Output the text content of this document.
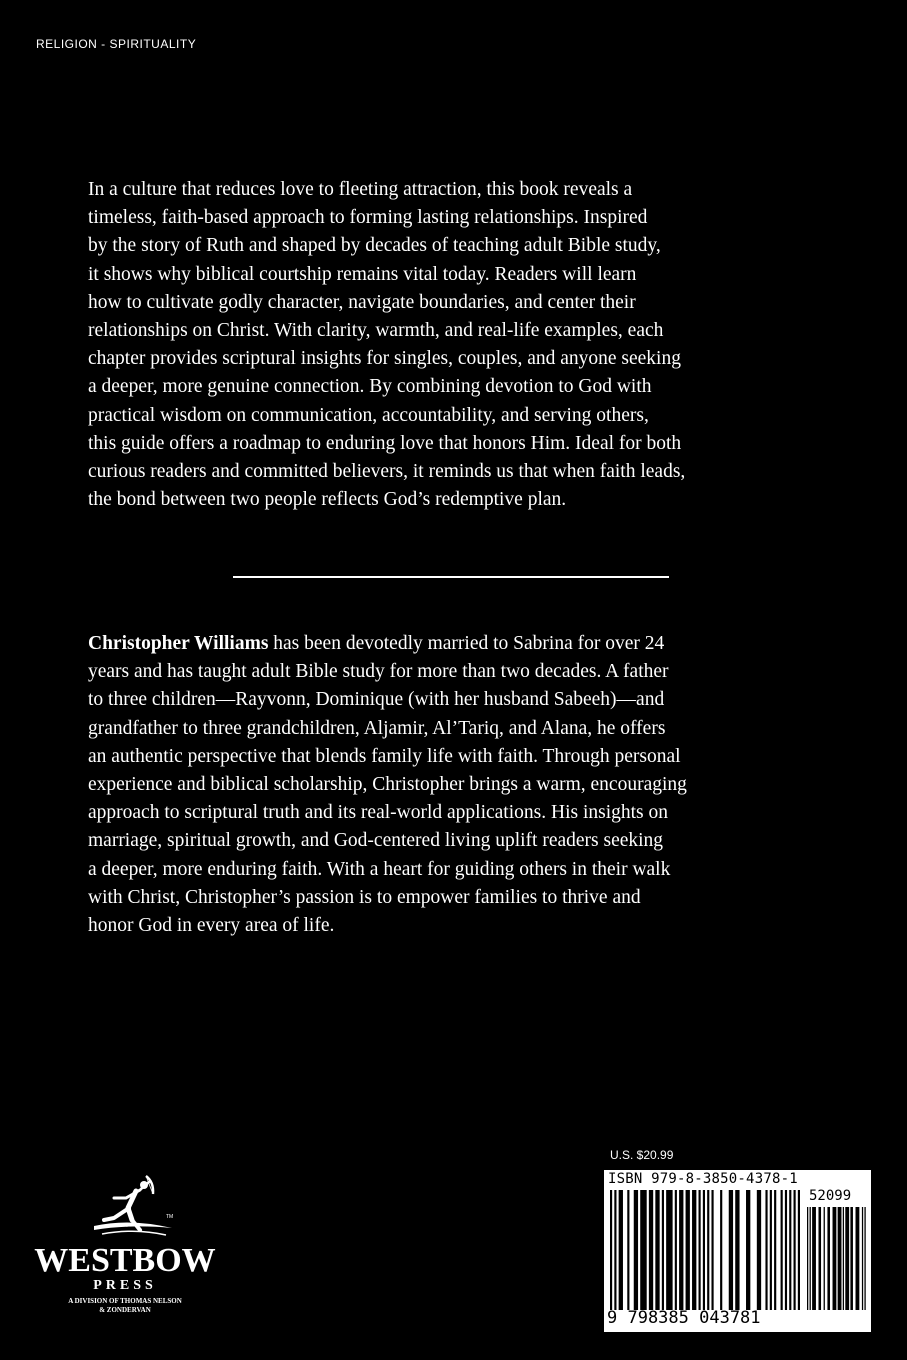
RELIGION - SPIRITUALITY

In a culture that reduces love to fleeting attraction, this book reveals a

timeless, faith-based approach to forming lasting relationships. Inspired

by the story of Ruth and shaped by decades of teaching adult Bible study,

it shows why biblical courtship remains vital today. Readers will learn

how to cultivate godly character, navigate boundaries, and center their

relationships on Christ. With clarity, warmth, and real-life examples, each

chapter provides scriptural insights for singles, couples, and anyone seeking

a deeper, more genuine connection. By combining devotion to God with

practical wisdom on communication, accountability, and serving others,

this guide offers a roadmap to enduring love that honors Him. Ideal for both

curious readers and committed believers, it reminds us that when faith leads,

the bond between two people reflects God’s redemptive plan.

Christopher Williams has been devotedly married to Sabrina for over 24

years and has taught adult Bible study for more than two decades. A father

to three children—Rayvonn, Dominique (with her husband Sabeeh)—and

grandfather to three grandchildren, Aljamir, Al’Tariq, and Alana, he offers

an authentic perspective that blends family life with faith. Through personal

experience and biblical scholarship, Christopher brings a warm, encouraging

approach to scriptural truth and its real-world applications. His insights on

marriage, spiritual growth, and God-centered living uplift readers seeking

a deeper, more enduring faith. With a heart for guiding others in their walk

with Christ, Christopher’s passion is to empower families to thrive and

honor God in every area of life.

TM
WESTBOW
PRESS
A DIVISION OF THOMAS NELSON
& ZONDERVAN
U.S. $20.99
ISBN 979-8-3850-4378-1
52099
9 798385 043781
